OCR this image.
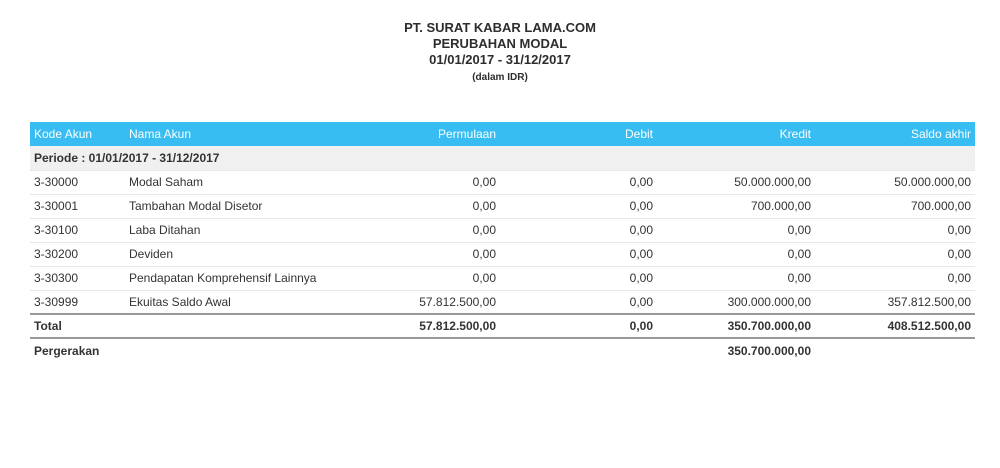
PT. SURAT KABAR LAMA.COM
PERUBAHAN MODAL
01/01/2017 - 31/12/2017
(dalam IDR)
Kode Akun	Nama Akun	Permulaan	Debit	Kredit	Saldo akhir
Periode : 01/01/2017 - 31/12/2017					
3-30000	Modal Saham	0,00	0,00	50.000.000,00	50.000.000,00
3-30001	Tambahan Modal Disetor	0,00	0,00	700.000,00	700.000,00
3-30100	Laba Ditahan	0,00	0,00	0,00	0,00
3-30200	Deviden	0,00	0,00	0,00	0,00
3-30300	Pendapatan Komprehensif Lainnya	0,00	0,00	0,00	0,00
3-30999	Ekuitas Saldo Awal	57.812.500,00	0,00	300.000.000,00	357.812.500,00
Total		57.812.500,00	0,00	350.700.000,00	408.512.500,00
Pergerakan				350.700.000,00	
